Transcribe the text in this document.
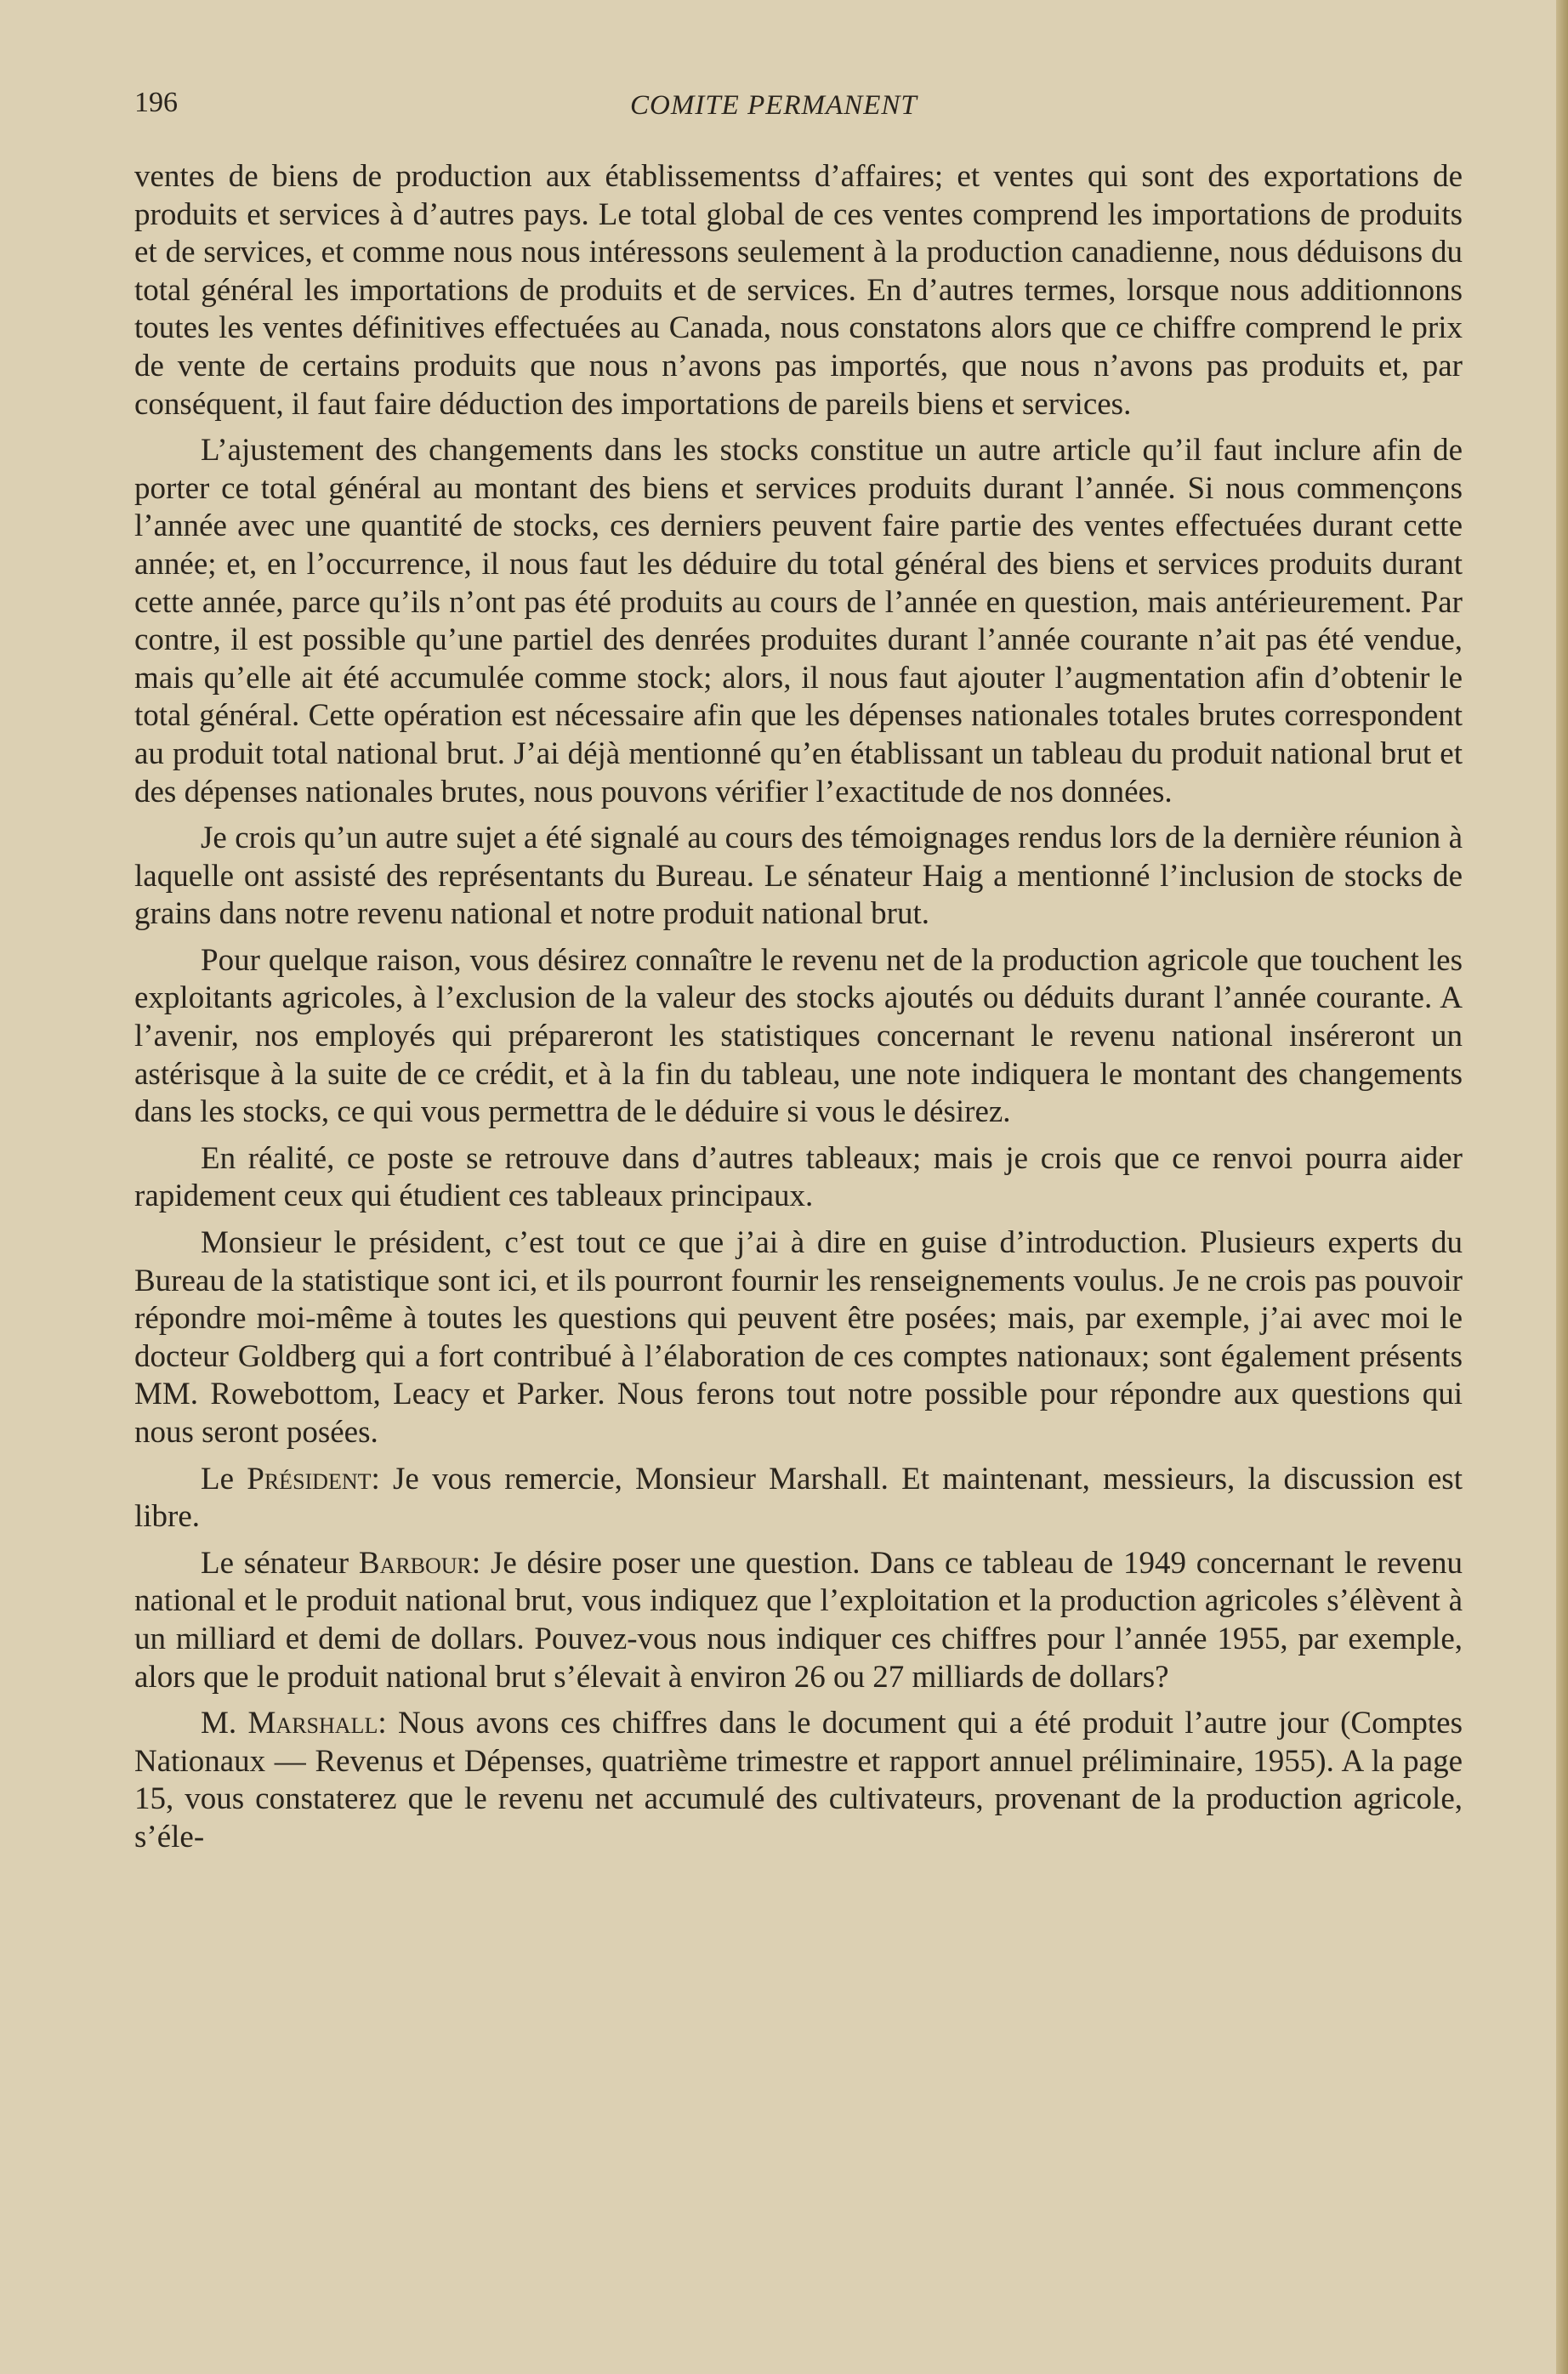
196	COMITE PERMANENT

ventes de biens de production aux établissementss d’affaires; et ventes qui sont des exportations de produits et services à d’autres pays. Le total global de ces ventes comprend les importations de produits et de services, et comme nous nous intéressons seulement à la production canadienne, nous déduisons du total général les importations de produits et de services. En d’autres termes, lorsque nous additionnons toutes les ventes définitives effectuées au Canada, nous constatons alors que ce chiffre comprend le prix de vente de certains produits que nous n’avons pas importés, que nous n’avons pas produits et, par conséquent, il faut faire déduction des importations de pareils biens et services.

L’ajustement des changements dans les stocks constitue un autre article qu’il faut inclure afin de porter ce total général au montant des biens et services produits durant l’année. Si nous commençons l’année avec une quantité de stocks, ces derniers peuvent faire partie des ventes effectuées durant cette année; et, en l’occurrence, il nous faut les déduire du total général des biens et services produits durant cette année, parce qu’ils n’ont pas été produits au cours de l’année en question, mais antérieurement. Par contre, il est possible qu’une partiel des denrées produites durant l’année courante n’ait pas été vendue, mais qu’elle ait été accumulée comme stock; alors, il nous faut ajouter l’augmentation afin d’obtenir le total général. Cette opération est nécessaire afin que les dépenses nationales totales brutes correspondent au produit total national brut. J’ai déjà mentionné qu’en établissant un tableau du produit national brut et des dépenses nationales brutes, nous pouvons vérifier l’exactitude de nos données.

Je crois qu’un autre sujet a été signalé au cours des témoignages rendus lors de la dernière réunion à laquelle ont assisté des représentants du Bureau. Le sénateur Haig a mentionné l’inclusion de stocks de grains dans notre revenu national et notre produit national brut.

Pour quelque raison, vous désirez connaître le revenu net de la production agricole que touchent les exploitants agricoles, à l’exclusion de la valeur des stocks ajoutés ou déduits durant l’année courante. A l’avenir, nos employés qui prépareront les statistiques concernant le revenu national inséreront un astérisque à la suite de ce crédit, et à la fin du tableau, une note indiquera le montant des changements dans les stocks, ce qui vous permettra de le déduire si vous le désirez.

En réalité, ce poste se retrouve dans d’autres tableaux; mais je crois que ce renvoi pourra aider rapidement ceux qui étudient ces tableaux principaux.

Monsieur le président, c’est tout ce que j’ai à dire en guise d’introduction. Plusieurs experts du Bureau de la statistique sont ici, et ils pourront fournir les renseignements voulus. Je ne crois pas pouvoir répondre moi-même à toutes les questions qui peuvent être posées; mais, par exemple, j’ai avec moi le docteur Goldberg qui a fort contribué à l’élaboration de ces comptes nationaux; sont également présents MM. Rowebottom, Leacy et Parker. Nous ferons tout notre possible pour répondre aux questions qui nous seront posées.

Le Président: Je vous remercie, Monsieur Marshall. Et maintenant, messieurs, la discussion est libre.

Le sénateur Barbour: Je désire poser une question. Dans ce tableau de 1949 concernant le revenu national et le produit national brut, vous indiquez que l’exploitation et la production agricoles s’élèvent à un milliard et demi de dollars. Pouvez-vous nous indiquer ces chiffres pour l’année 1955, par exemple, alors que le produit national brut s’élevait à environ 26 ou 27 milliards de dollars?

M. Marshall: Nous avons ces chiffres dans le document qui a été produit l’autre jour (Comptes Nationaux — Revenus et Dépenses, quatrième trimestre et rapport annuel préliminaire, 1955). A la page 15, vous constaterez que le revenu net accumulé des cultivateurs, provenant de la production agricole, s’éle-
